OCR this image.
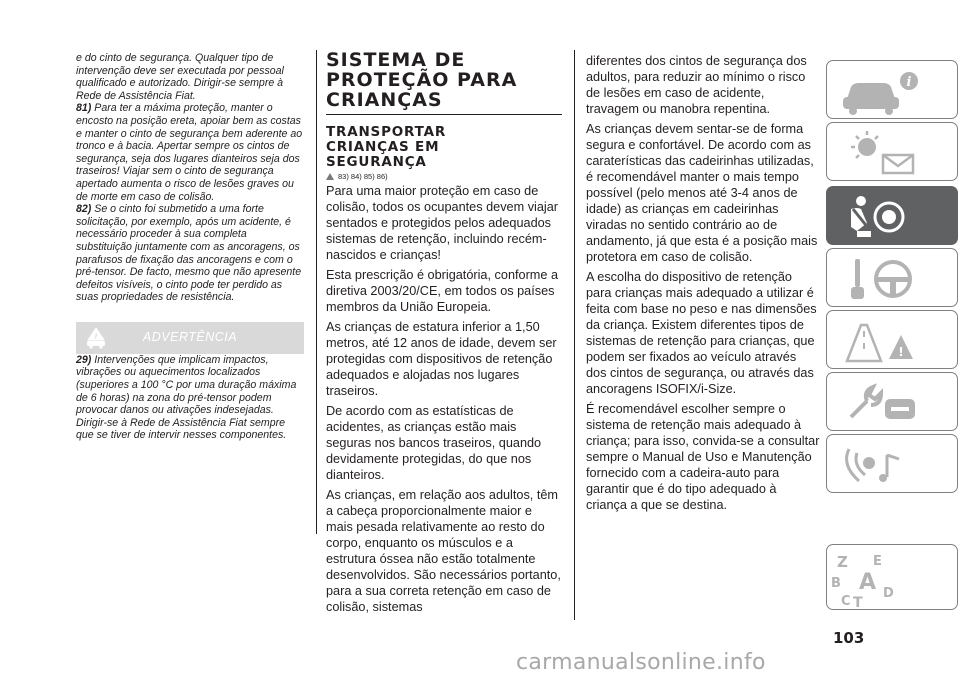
e do cinto de segurança. Qualquer tipo de intervenção deve ser executada por pessoal qualificado e autorizado. Dirigir-se sempre à Rede de Assistência Fiat.

81) Para ter a máxima proteção, manter o encosto na posição ereta, apoiar bem as costas e manter o cinto de segurança bem aderente ao tronco e à bacia. Apertar sempre os cintos de segurança, seja dos lugares dianteiros seja dos traseiros! Viajar sem o cinto de segurança apertado aumenta o risco de lesões graves ou de morte em caso de colisão.

82) Se o cinto foi submetido a uma forte solicitação, por exemplo, após um acidente, é necessário proceder à sua completa substituição juntamente com as ancoragens, os parafusos de fixação das ancoragens e com o pré-tensor. De facto, mesmo que não apresente defeitos visíveis, o cinto pode ter perdido as suas propriedades de resistência.

!	ADVERTÊNCIA

29) Intervenções que implicam impactos, vibrações ou aquecimentos localizados (superiores a 100 °C por uma duração máxima de 6 horas) na zona do pré-tensor podem provocar danos ou ativações indesejadas. Dirigir-se à Rede de Assistência Fiat sempre que se tiver de intervir nesses componentes.

SISTEMA DE
PROTEÇÃO PARA
CRIANÇAS
TRANSPORTAR
CRIANÇAS EM
SEGURANÇA
83) 84) 85) 86)

Para uma maior proteção em caso de colisão, todos os ocupantes devem viajar sentados e protegidos pelos adequados sistemas de retenção, incluindo recém-nascidos e crianças!

Esta prescrição é obrigatória, conforme a diretiva 2003/20/CE, em todos os países membros da União Europeia.

As crianças de estatura inferior a 1,50 metros, até 12 anos de idade, devem ser protegidas com dispositivos de retenção adequados e alojadas nos lugares traseiros.

De acordo com as estatísticas de acidentes, as crianças estão mais seguras nos bancos traseiros, quando devidamente protegidas, do que nos dianteiros.

As crianças, em relação aos adultos, têm a cabeça proporcionalmente maior e mais pesada relativamente ao resto do corpo, enquanto os músculos e a estrutura óssea não estão totalmente desenvolvidos. São necessários portanto, para a sua correta retenção em caso de colisão, sistemas

diferentes dos cintos de segurança dos adultos, para reduzir ao mínimo o risco de lesões em caso de acidente, travagem ou manobra repentina.

As crianças devem sentar-se de forma segura e confortável. De acordo com as caraterísticas das cadeirinhas utilizadas, é recomendável manter o mais tempo possível (pelo menos até 3-4 anos de idade) as crianças em cadeirinhas viradas no sentido contrário ao de andamento, já que esta é a posição mais protetora em caso de colisão.

A escolha do dispositivo de retenção para crianças mais adequado a utilizar é feita com base no peso e nas dimensões da criança. Existem diferentes tipos de sistemas de retenção para crianças, que podem ser fixados ao veículo através dos cintos de segurança, ou através das ancoragens ISOFIX/i-Size.

É recomendável escolher sempre o sistema de retenção mais adequado à criança; para isso, convida-se a consultar sempre o Manual de Uso e Manutenção fornecido com a cadeira-auto para garantir que é do tipo adequado à criança a que se destina.

i
!
Z E
B A
C T
D
103
carmanualsonline.info
